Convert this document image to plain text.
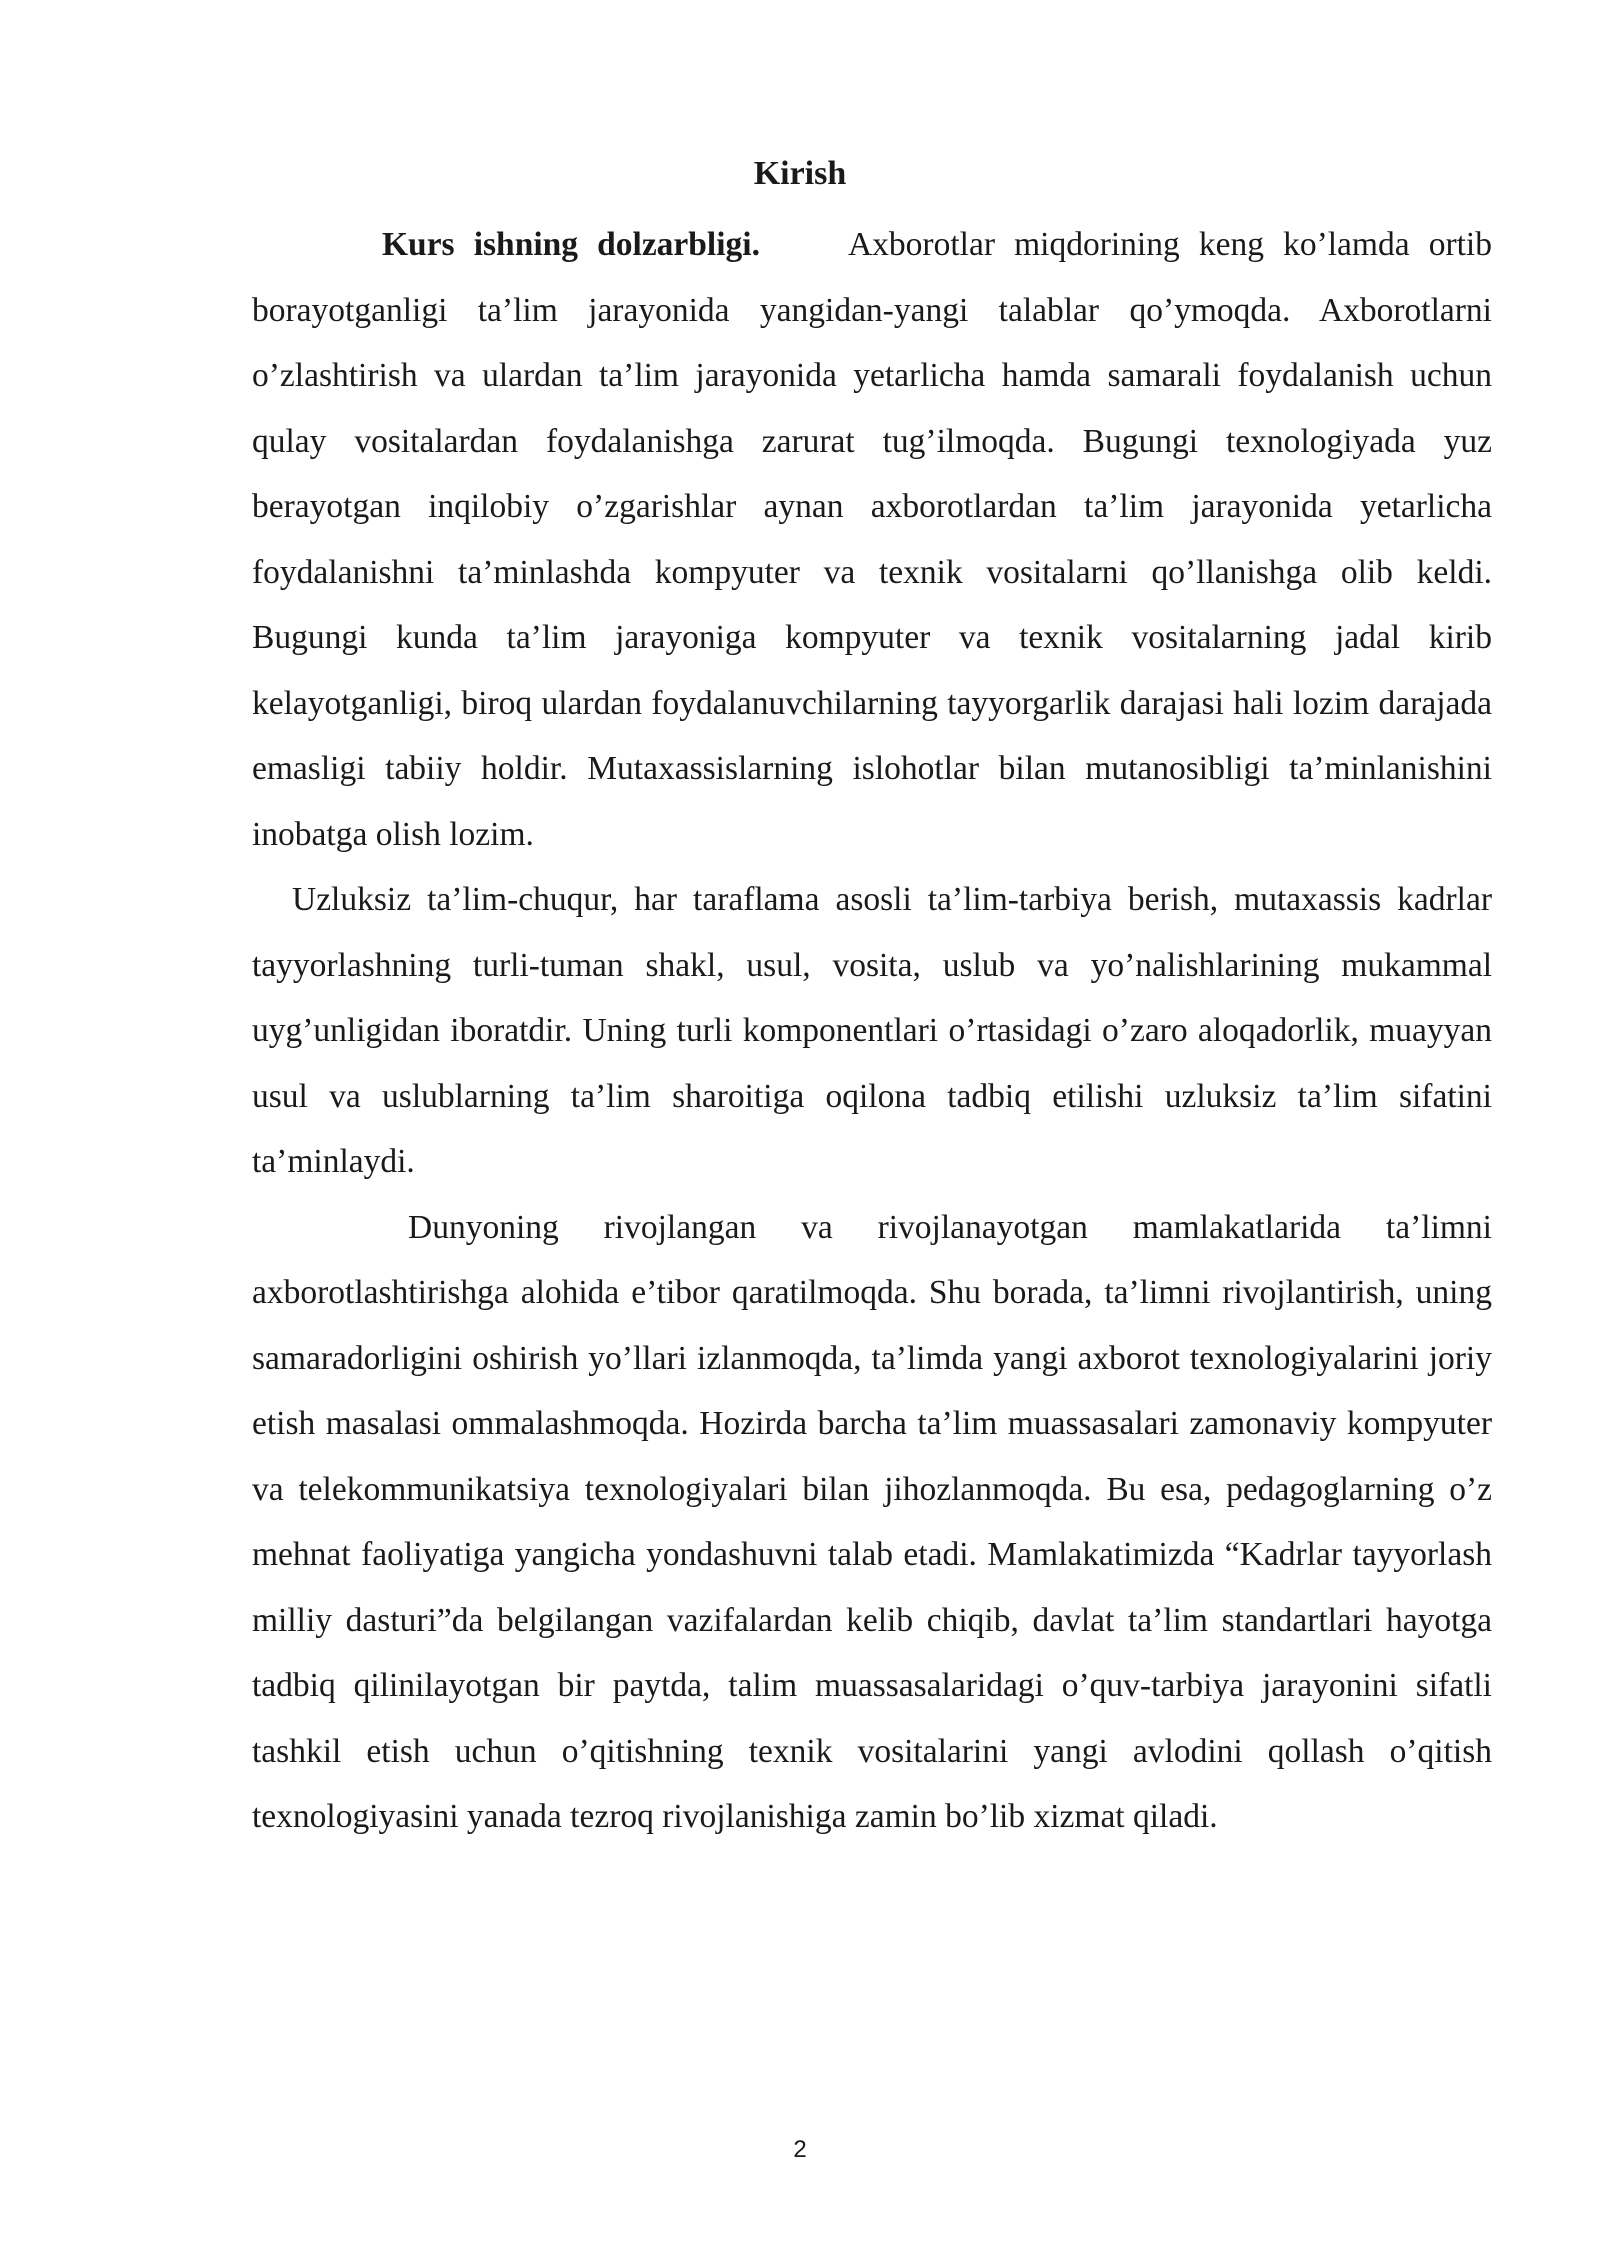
Kirish

Kurs ishning dolzarbligi.	Axborotlar miqdorining keng ko’lamda ortib borayotganligi ta’lim jarayonida yangidan-yangi talablar qo’ymoqda. Axborotlarni o’zlashtirish va ulardan ta’lim jarayonida yetarlicha hamda samarali foydalanish uchun qulay vositalardan foydalanishga zarurat tug’ilmoqda. Bugungi texnologiyada yuz berayotgan inqilobiy o’zgarishlar aynan axborotlardan ta’lim jarayonida yetarlicha foydalanishni ta’minlashda kompyuter va texnik vositalarni qo’llanishga olib keldi. Bugungi kunda ta’lim jarayoniga kompyuter va texnik vositalarning jadal kirib kelayotganligi, biroq ulardan foydalanuvchilarning tayyorgarlik darajasi hali lozim darajada emasligi tabiiy holdir. Mutaxassislarning islohotlar bilan mutanosibligi ta’minlanishini inobatga olish lozim.

Uzluksiz ta’lim-chuqur, har taraflama asosli ta’lim-tarbiya berish, mutaxassis kadrlar tayyorlashning turli-tuman shakl, usul, vosita, uslub va yo’nalishlarining mukammal uyg’unligidan iboratdir. Uning turli komponentlari o’rtasidagi o’zaro aloqadorlik, muayyan usul va uslublarning ta’lim sharoitiga oqilona tadbiq etilishi uzluksiz ta’lim sifatini ta’minlaydi.

Dunyoning rivojlangan va rivojlanayotgan mamlakatlarida ta’limni axborotlashtirishga alohida e’tibor qaratilmoqda. Shu borada, ta’limni rivojlantirish, uning samaradorligini oshirish yo’llari izlanmoqda, ta’limda yangi axborot texnologiyalarini joriy etish masalasi ommalashmoqda. Hozirda barcha ta’lim muassasalari zamonaviy kompyuter va telekommunikatsiya texnologiyalari bilan jihozlanmoqda. Bu esa, pedagoglarning o’z mehnat faoliyatiga yangicha yondashuvni talab etadi. Mamlakatimizda “Kadrlar tayyorlash milliy dasturi”da belgilangan vazifalardan kelib chiqib, davlat ta’lim standartlari hayotga tadbiq qilinilayotgan bir paytda, talim muassasalaridagi o’quv-tarbiya jarayonini sifatli tashkil etish uchun o’qitishning texnik vositalarini yangi avlodini qollash o’qitish texnologiyasini yanada tezroq rivojlanishiga zamin bo’lib xizmat qiladi.

2
